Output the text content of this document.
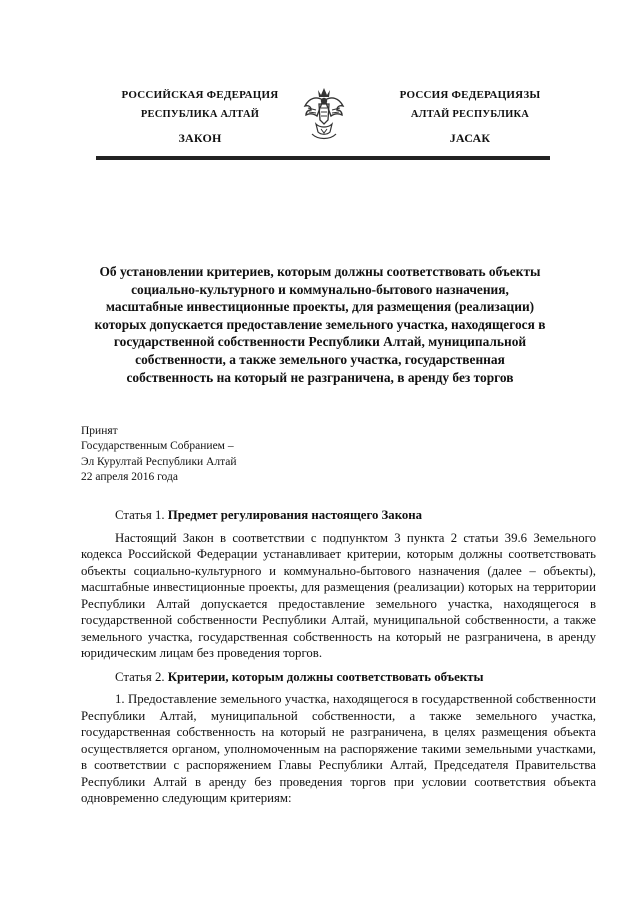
РОССИЙСКАЯ ФЕДЕРАЦИЯ
РЕСПУБЛИКА АЛТАЙ
ЗАКОН
РОССИЯ ФЕДЕРАЦИЯЗЫ
АЛТАЙ РЕСПУБЛИКА
JАСАК
Об установлении критериев, которым должны соответствовать объекты
социально-культурного и коммунально-бытового назначения,
масштабные инвестиционные проекты, для размещения (реализации)
которых допускается предоставление земельного участка, находящегося в
государственной собственности Республики Алтай, муниципальной
собственности, а также земельного участка, государственная
собственность на который не разграничена, в аренду без торгов
Принят
Государственным Собранием –
Эл Курултай Республики Алтай
22 апреля 2016 года
Статья 1. Предмет регулирования настоящего Закона

Настоящий Закон в соответствии с подпунктом 3 пункта 2 статьи 39.6 Земельного кодекса Российской Федерации устанавливает критерии, которым должны соответствовать объекты социально-культурного и коммунально-бытового назначения (далее – объекты), масштабные инвестиционные проекты, для размещения (реализации) которых на территории Республики Алтай допускается предоставление земельного участка, находящегося в государственной собственности Республики Алтай, муниципальной собственности, а также земельного участка, государственная собственность на который не разграничена, в аренду юридическим лицам без проведения торгов.

Статья 2. Критерии, которым должны соответствовать объекты

1. Предоставление земельного участка, находящегося в государственной собственности Республики Алтай, муниципальной собственности, а также земельного участка, государственная собственность на который не разграничена, в целях размещения объекта осуществляется органом, уполномоченным на распоряжение такими земельными участками, в соответствии с распоряжением Главы Республики Алтай, Председателя Правительства Республики Алтай в аренду без проведения торгов при условии соответствия объекта одновременно следующим критериям:
